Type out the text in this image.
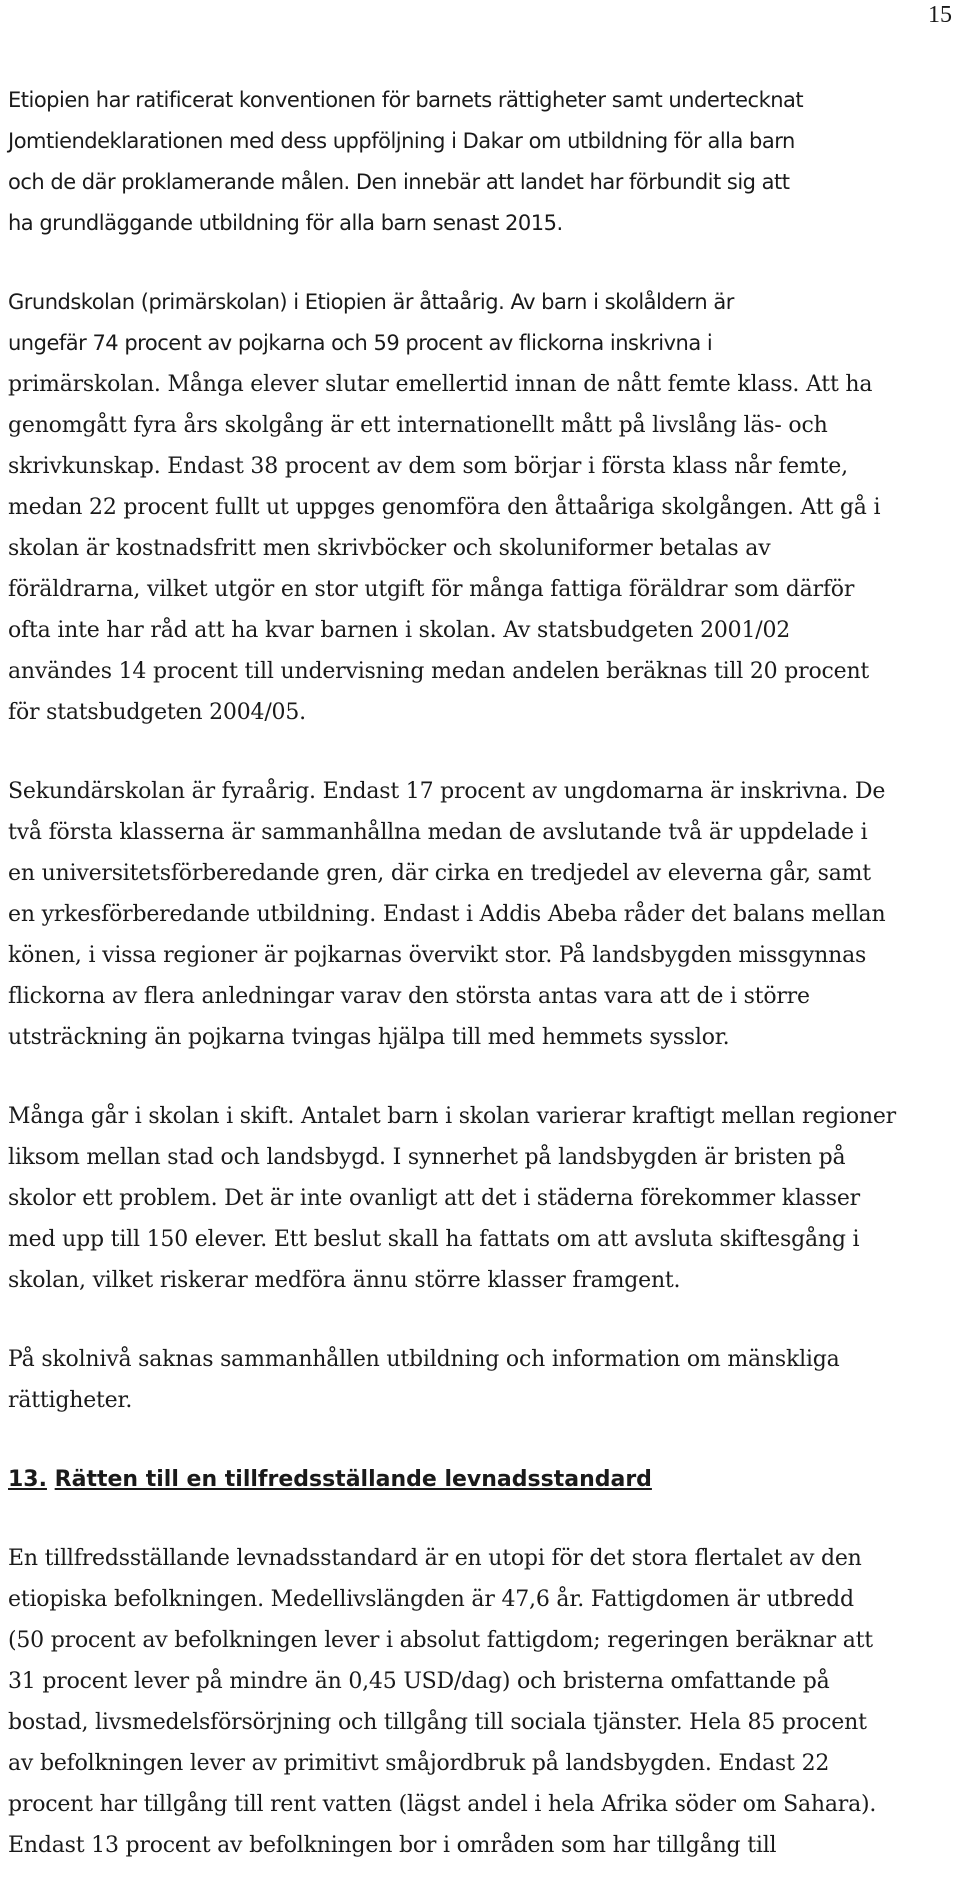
15

Etiopien har ratificerat konventionen för barnets rättigheter samt undertecknat
Jomtiendeklarationen med dess uppföljning i Dakar om utbildning för alla barn
och de där proklamerande målen. Den innebär att landet har förbundit sig att
ha grundläggande utbildning för alla barn senast 2015.

Grundskolan (primärskolan) i Etiopien är åttaårig. Av barn i skolåldern är
ungefär 74 procent av pojkarna och 59 procent av flickorna inskrivna i

primärskolan. Många elever slutar emellertid innan de nått femte klass. Att ha
genomgått fyra års skolgång är ett internationellt mått på livslång läs- och
skrivkunskap. Endast 38 procent av dem som börjar i första klass når femte,
medan 22 procent fullt ut uppges genomföra den åttaåriga skolgången. Att gå i
skolan är kostnadsfritt men skrivböcker och skoluniformer betalas av
föräldrarna, vilket utgör en stor utgift för många fattiga föräldrar som därför
ofta inte har råd att ha kvar barnen i skolan. Av statsbudgeten 2001/02
användes 14 procent till undervisning medan andelen beräknas till 20 procent
för statsbudgeten 2004/05.

Sekundärskolan är fyraårig. Endast 17 procent av ungdomarna är inskrivna. De
två första klasserna är sammanhållna medan de avslutande två är uppdelade i
en universitetsförberedande gren, där cirka en tredjedel av eleverna går, samt
en yrkesförberedande utbildning. Endast i Addis Abeba råder det balans mellan
könen, i vissa regioner är pojkarnas övervikt stor. På landsbygden missgynnas
flickorna av flera anledningar varav den största antas vara att de i större
utsträckning än pojkarna tvingas hjälpa till med hemmets sysslor.

Många går i skolan i skift. Antalet barn i skolan varierar kraftigt mellan regioner
liksom mellan stad och landsbygd. I synnerhet på landsbygden är bristen på
skolor ett problem. Det är inte ovanligt att det i städerna förekommer klasser
med upp till 150 elever. Ett beslut skall ha fattats om att avsluta skiftesgång i
skolan, vilket riskerar medföra ännu större klasser framgent.

På skolnivå saknas sammanhållen utbildning och information om mänskliga
rättigheter.

13. Rätten till en tillfredsställande levnadsstandard

En tillfredsställande levnadsstandard är en utopi för det stora flertalet av den
etiopiska befolkningen. Medellivslängden är 47,6 år. Fattigdomen är utbredd
(50 procent av befolkningen lever i absolut fattigdom; regeringen beräknar att
31 procent lever på mindre än 0,45 USD/dag) och bristerna omfattande på
bostad, livsmedelsförsörjning och tillgång till sociala tjänster. Hela 85 procent
av befolkningen lever av primitivt småjordbruk på landsbygden. Endast 22
procent har tillgång till rent vatten (lägst andel i hela Afrika söder om Sahara).
Endast 13 procent av befolkningen bor i områden som har tillgång till
